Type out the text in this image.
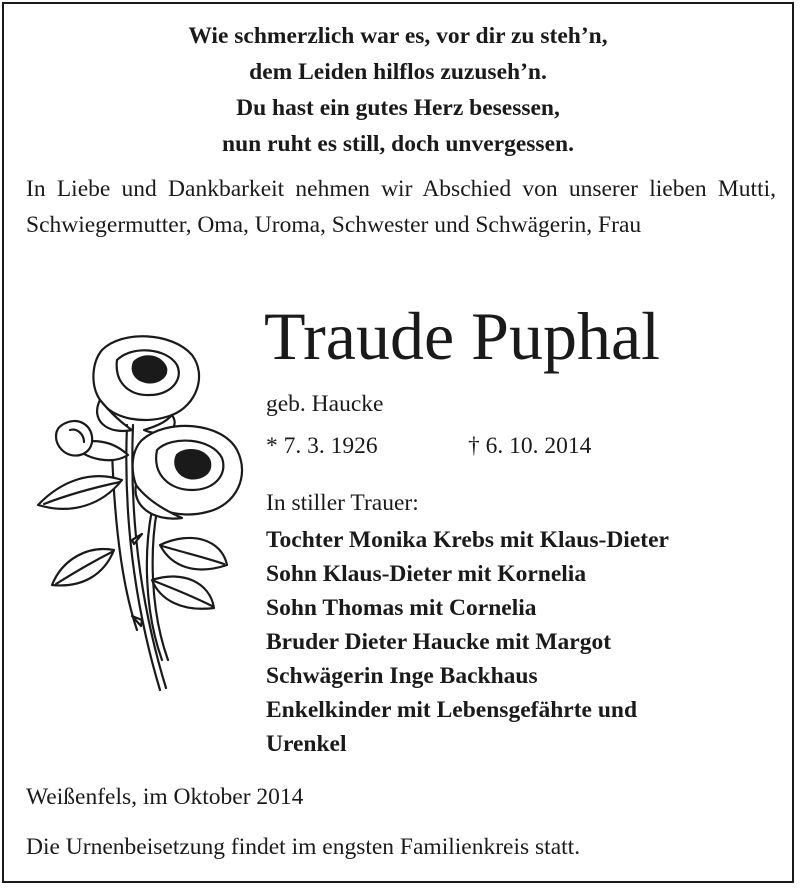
Wie schmerzlich war es, vor dir zu steh’n,
dem Leiden hilflos zuzuseh’n.
Du hast ein gutes Herz besessen,
nun ruht es still, doch unvergessen.
In Liebe und Dankbarkeit nehmen wir Abschied von unserer lieben Mutti, Schwiegermutter, Oma, Uroma, Schwester und Schwägerin, Frau
Traude Puphal
geb. Haucke
* 7. 3. 1926	† 6. 10. 2014
In stiller Trauer:
Tochter Monika Krebs mit Klaus-Dieter
Sohn Klaus-Dieter mit Kornelia
Sohn Thomas mit Cornelia
Bruder Dieter Haucke mit Margot
Schwägerin Inge Backhaus
Enkelkinder mit Lebensgefährte und
Urenkel
Weißenfels, im Oktober 2014
Die Urnenbeisetzung findet im engsten Familienkreis statt.
